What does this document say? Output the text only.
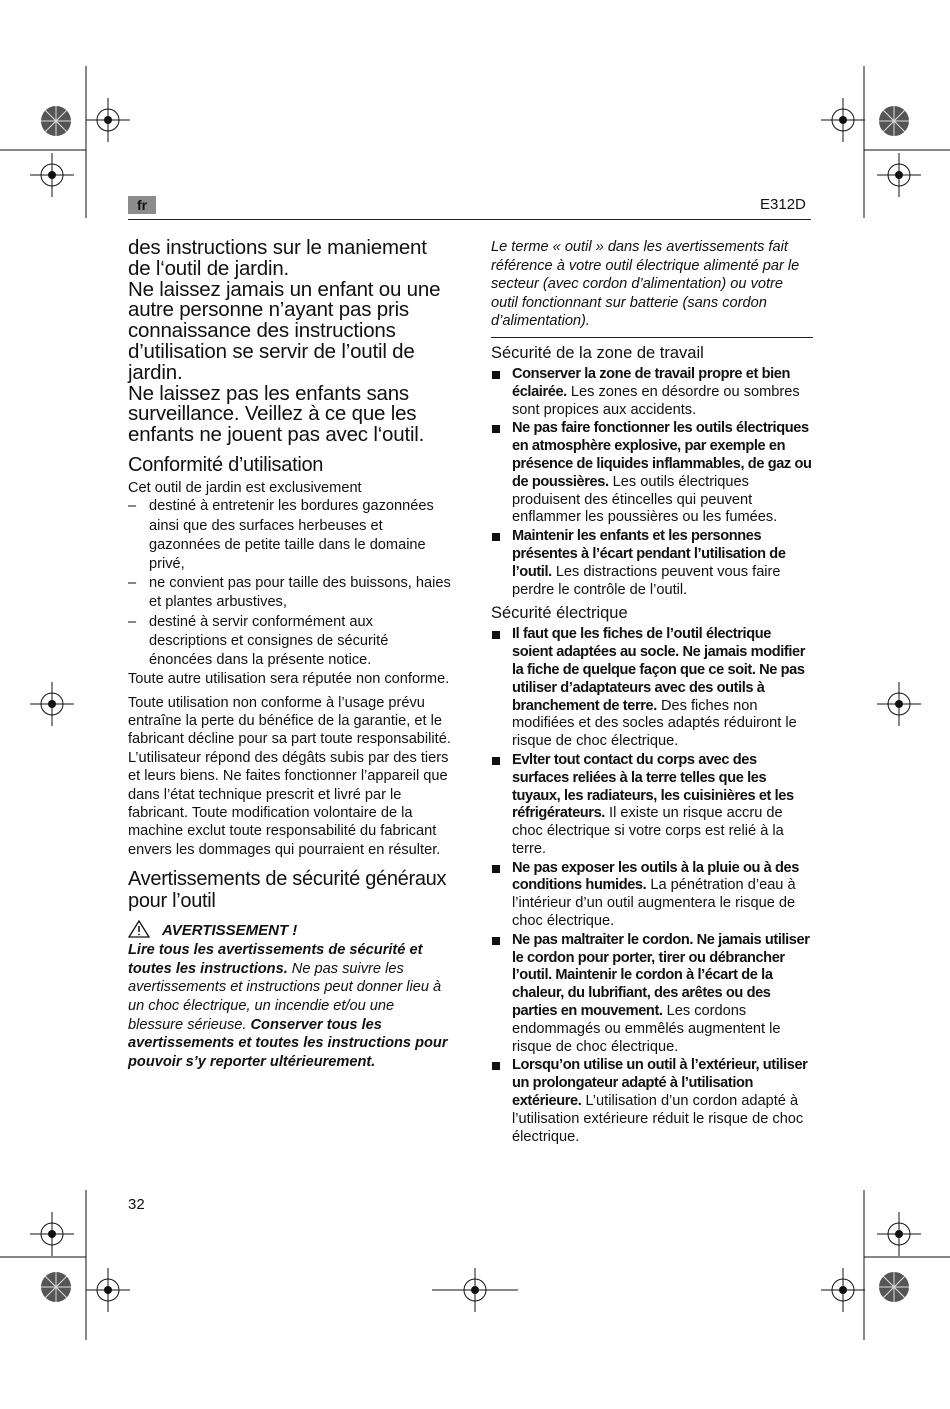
fr	E312D

des instructions sur le maniement de l‘outil de jardin.

Ne laissez jamais un enfant ou une autre personne n’ayant pas pris connaissance des instructions d’utilisation se servir de l’outil de jardin.

Ne laissez pas les enfants sans surveillance. Veillez à ce que les enfants ne jouent pas avec l‘outil.

Conformité d’utilisation

Cet outil de jardin est exclusivement

– destiné à entretenir les bordures gazonnées ainsi que des surfaces herbeuses et gazonnées de petite taille dans le domaine privé,
– ne convient pas pour taille des buissons, haies et plantes arbustives,
– destiné à servir conformément aux descriptions et consignes de sécurité énoncées dans la présente notice.

Toute autre utilisation sera réputée non conforme.

Toute utilisation non conforme à l’usage prévu entraîne la perte du bénéfice de la garantie, et le fabricant décline pour sa part toute responsabilité. L’utilisateur répond des dégâts subis par des tiers et leurs biens. Ne faites fonctionner l’appareil que dans l’état technique prescrit et livré par le fabricant. Toute modification volontaire de la machine exclut toute responsabilité du fabricant envers les dommages qui pourraient en résulter.

Avertissements de sécurité généraux pour l’outil
AVERTISSEMENT !

Lire tous les avertissements de sécurité et toutes les instructions. Ne pas suivre les avertissements et instructions peut donner lieu à un choc électrique, un incendie et/ou une blessure sérieuse. Conserver tous les avertissements et toutes les instructions pour pouvoir s’y reporter ultérieurement.

Le terme « outil » dans les avertissements fait référence à votre outil électrique alimenté par le secteur (avec cordon d’alimentation) ou votre outil fonctionnant sur batterie (sans cordon d’alimentation).

Sécurité de la zone de travail
Conserver la zone de travail propre et bien éclairée. Les zones en désordre ou sombres sont propices aux accidents.
Ne pas faire fonctionner les outils électriques en atmosphère explosive, par exemple en présence de liquides inflammables, de gaz ou de poussières. Les outils électriques produisent des étincelles qui peuvent enflammer les poussières ou les fumées.
Maintenir les enfants et les personnes présentes à l’écart pendant l’utilisation de l’outil. Les distractions peuvent vous faire perdre le contrôle de l’outil.
Sécurité électrique
Il faut que les fiches de l’outil électrique soient adaptées au socle. Ne jamais modifier la fiche de quelque façon que ce soit. Ne pas utiliser d’adaptateurs avec des outils à branchement de terre. Des fiches non modifiées et des socles adaptés réduiront le risque de choc électrique.
Evlter tout contact du corps avec des surfaces reliées à la terre telles que les tuyaux, les radiateurs, les cuisinières et les réfrigérateurs. Il existe un risque accru de choc électrique si votre corps est relié à la terre.
Ne pas exposer les outils à la pluie ou à des conditions humides. La pénétration d’eau à l’intérieur d’un outil augmentera le risque de choc électrique.
Ne pas maltraiter le cordon. Ne jamais utiliser le cordon pour porter, tirer ou débrancher l’outil. Maintenir le cordon à l’écart de la chaleur, du lubrifiant, des arêtes ou des parties en mouvement. Les cordons endommagés ou emmêlés augmentent le risque de choc électrique.
Lorsqu’on utilise un outil à l’extérieur, utiliser un prolongateur adapté à l’utilisation extérieure. L’utilisation d’un cordon adapté à l’utilisation extérieure réduit le risque de choc électrique.
32
